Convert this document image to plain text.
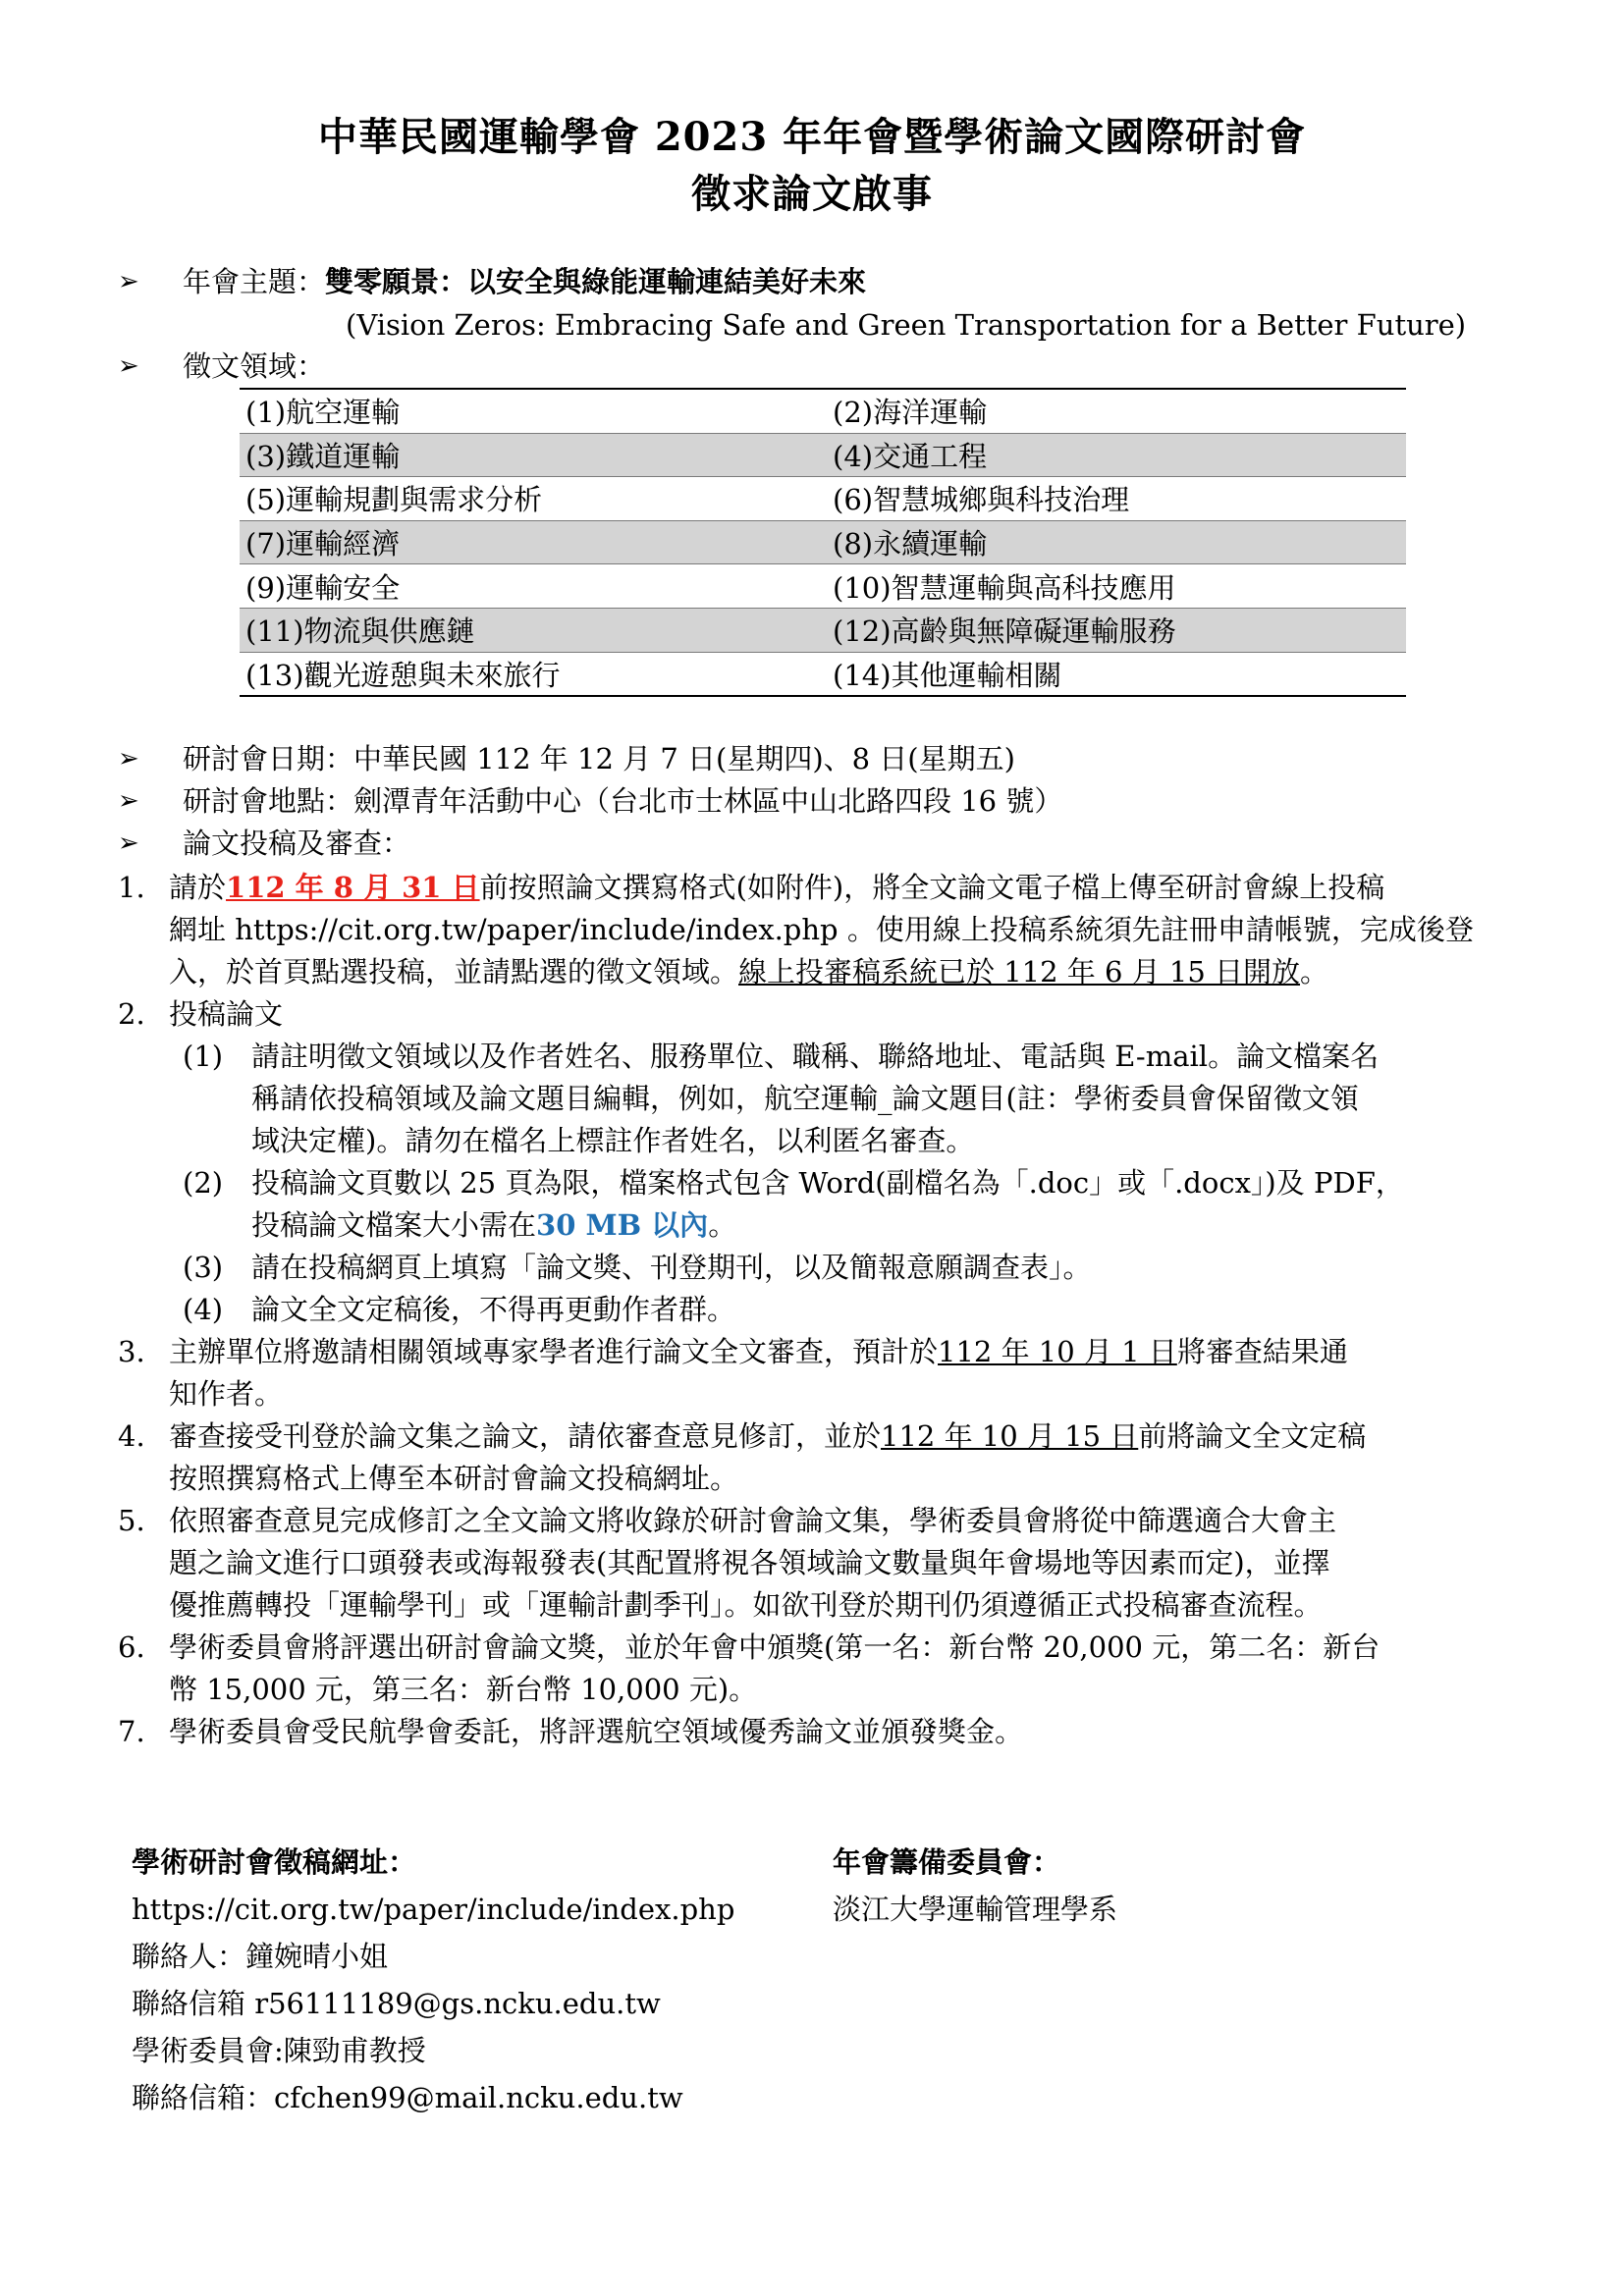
中華民國運輸學會 2023 年年會暨學術論文國際研討會
徵求論文啟事
➢ 年會主題：雙零願景：以安全與綠能運輸連結美好未來
(Vision Zeros: Embracing Safe and Green Transportation for a Better Future)
➢ 徵文領域：
(1)航空運輸	(2)海洋運輸
(3)鐵道運輸	(4)交通工程
(5)運輸規劃與需求分析	(6)智慧城鄉與科技治理
(7)運輸經濟	(8)永續運輸
(9)運輸安全	(10)智慧運輸與高科技應用
(11)物流與供應鏈	(12)高齡與無障礙運輸服務
(13)觀光遊憩與未來旅行	(14)其他運輸相關
➢ 研討會日期：中華民國 112 年 12 月 7 日(星期四)、8 日(星期五)
➢ 研討會地點：劍潭青年活動中心（台北市士林區中山北路四段 16 號）
➢ 論文投稿及審查：
1. 請於112 年 8 月 31 日前按照論文撰寫格式(如附件)，將全文論文電子檔上傳至研討會線上投稿
網址 https://cit.org.tw/paper/include/index.php 。使用線上投稿系統須先註冊申請帳號，完成後登
入，於首頁點選投稿，並請點選的徵文領域。線上投審稿系統已於 112 年 6 月 15 日開放。
2. 投稿論文
(1) 請註明徵文領域以及作者姓名、服務單位、職稱、聯絡地址、電話與 E-mail。論文檔案名
稱請依投稿領域及論文題目編輯，例如，航空運輸_論文題目(註：學術委員會保留徵文領
域決定權)。請勿在檔名上標註作者姓名，以利匿名審查。
(2) 投稿論文頁數以 25 頁為限，檔案格式包含 Word(副檔名為「.doc」或「.docx」)及 PDF，
投稿論文檔案大小需在30 MB 以內。
(3) 請在投稿網頁上填寫「論文獎、刊登期刊，以及簡報意願調查表」。
(4) 論文全文定稿後，不得再更動作者群。
3. 主辦單位將邀請相關領域專家學者進行論文全文審查，預計於112 年 10 月 1 日將審查結果通
知作者。
4. 審查接受刊登於論文集之論文，請依審查意見修訂，並於112 年 10 月 15 日前將論文全文定稿
按照撰寫格式上傳至本研討會論文投稿網址。
5. 依照審查意見完成修訂之全文論文將收錄於研討會論文集，學術委員會將從中篩選適合大會主
題之論文進行口頭發表或海報發表(其配置將視各領域論文數量與年會場地等因素而定)，並擇
優推薦轉投「運輸學刊」或「運輸計劃季刊」。如欲刊登於期刊仍須遵循正式投稿審查流程。
6. 學術委員會將評選出研討會論文獎，並於年會中頒獎(第一名：新台幣 20,000 元，第二名：新台
幣 15,000 元，第三名：新台幣 10,000 元)。
7. 學術委員會受民航學會委託，將評選航空領域優秀論文並頒發獎金。
學術研討會徵稿網址：
https://cit.org.tw/paper/include/index.php
聯絡人：鐘婉晴小姐
聯絡信箱 r56111189@gs.ncku.edu.tw
學術委員會:陳勁甫教授
聯絡信箱：cfchen99@mail.ncku.edu.tw
年會籌備委員會：
淡江大學運輸管理學系
